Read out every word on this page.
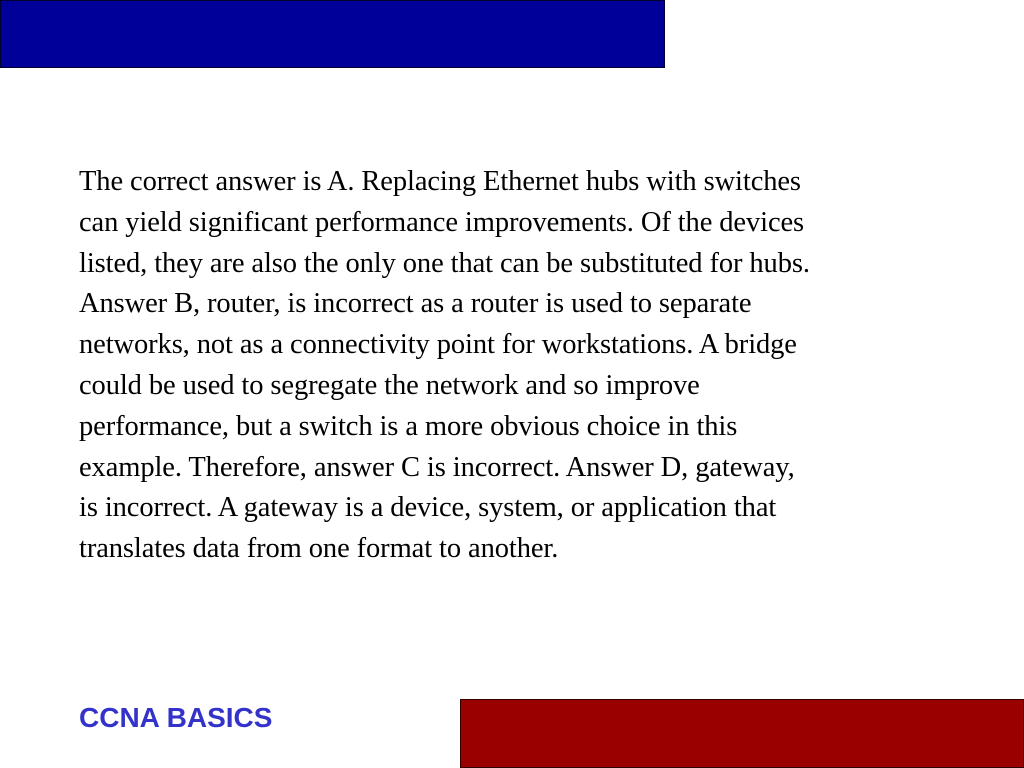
The correct answer is A. Replacing Ethernet hubs with switches
can yield significant performance improvements. Of the devices
listed, they are also the only one that can be substituted for hubs.
Answer B, router, is incorrect as a router is used to separate
networks, not as a connectivity point for workstations. A bridge
could be used to segregate the network and so improve
performance, but a switch is a more obvious choice in this
example. Therefore, answer C is incorrect. Answer D, gateway,
is incorrect. A gateway is a device, system, or application that
translates data from one format to another.
CCNA BASICS
